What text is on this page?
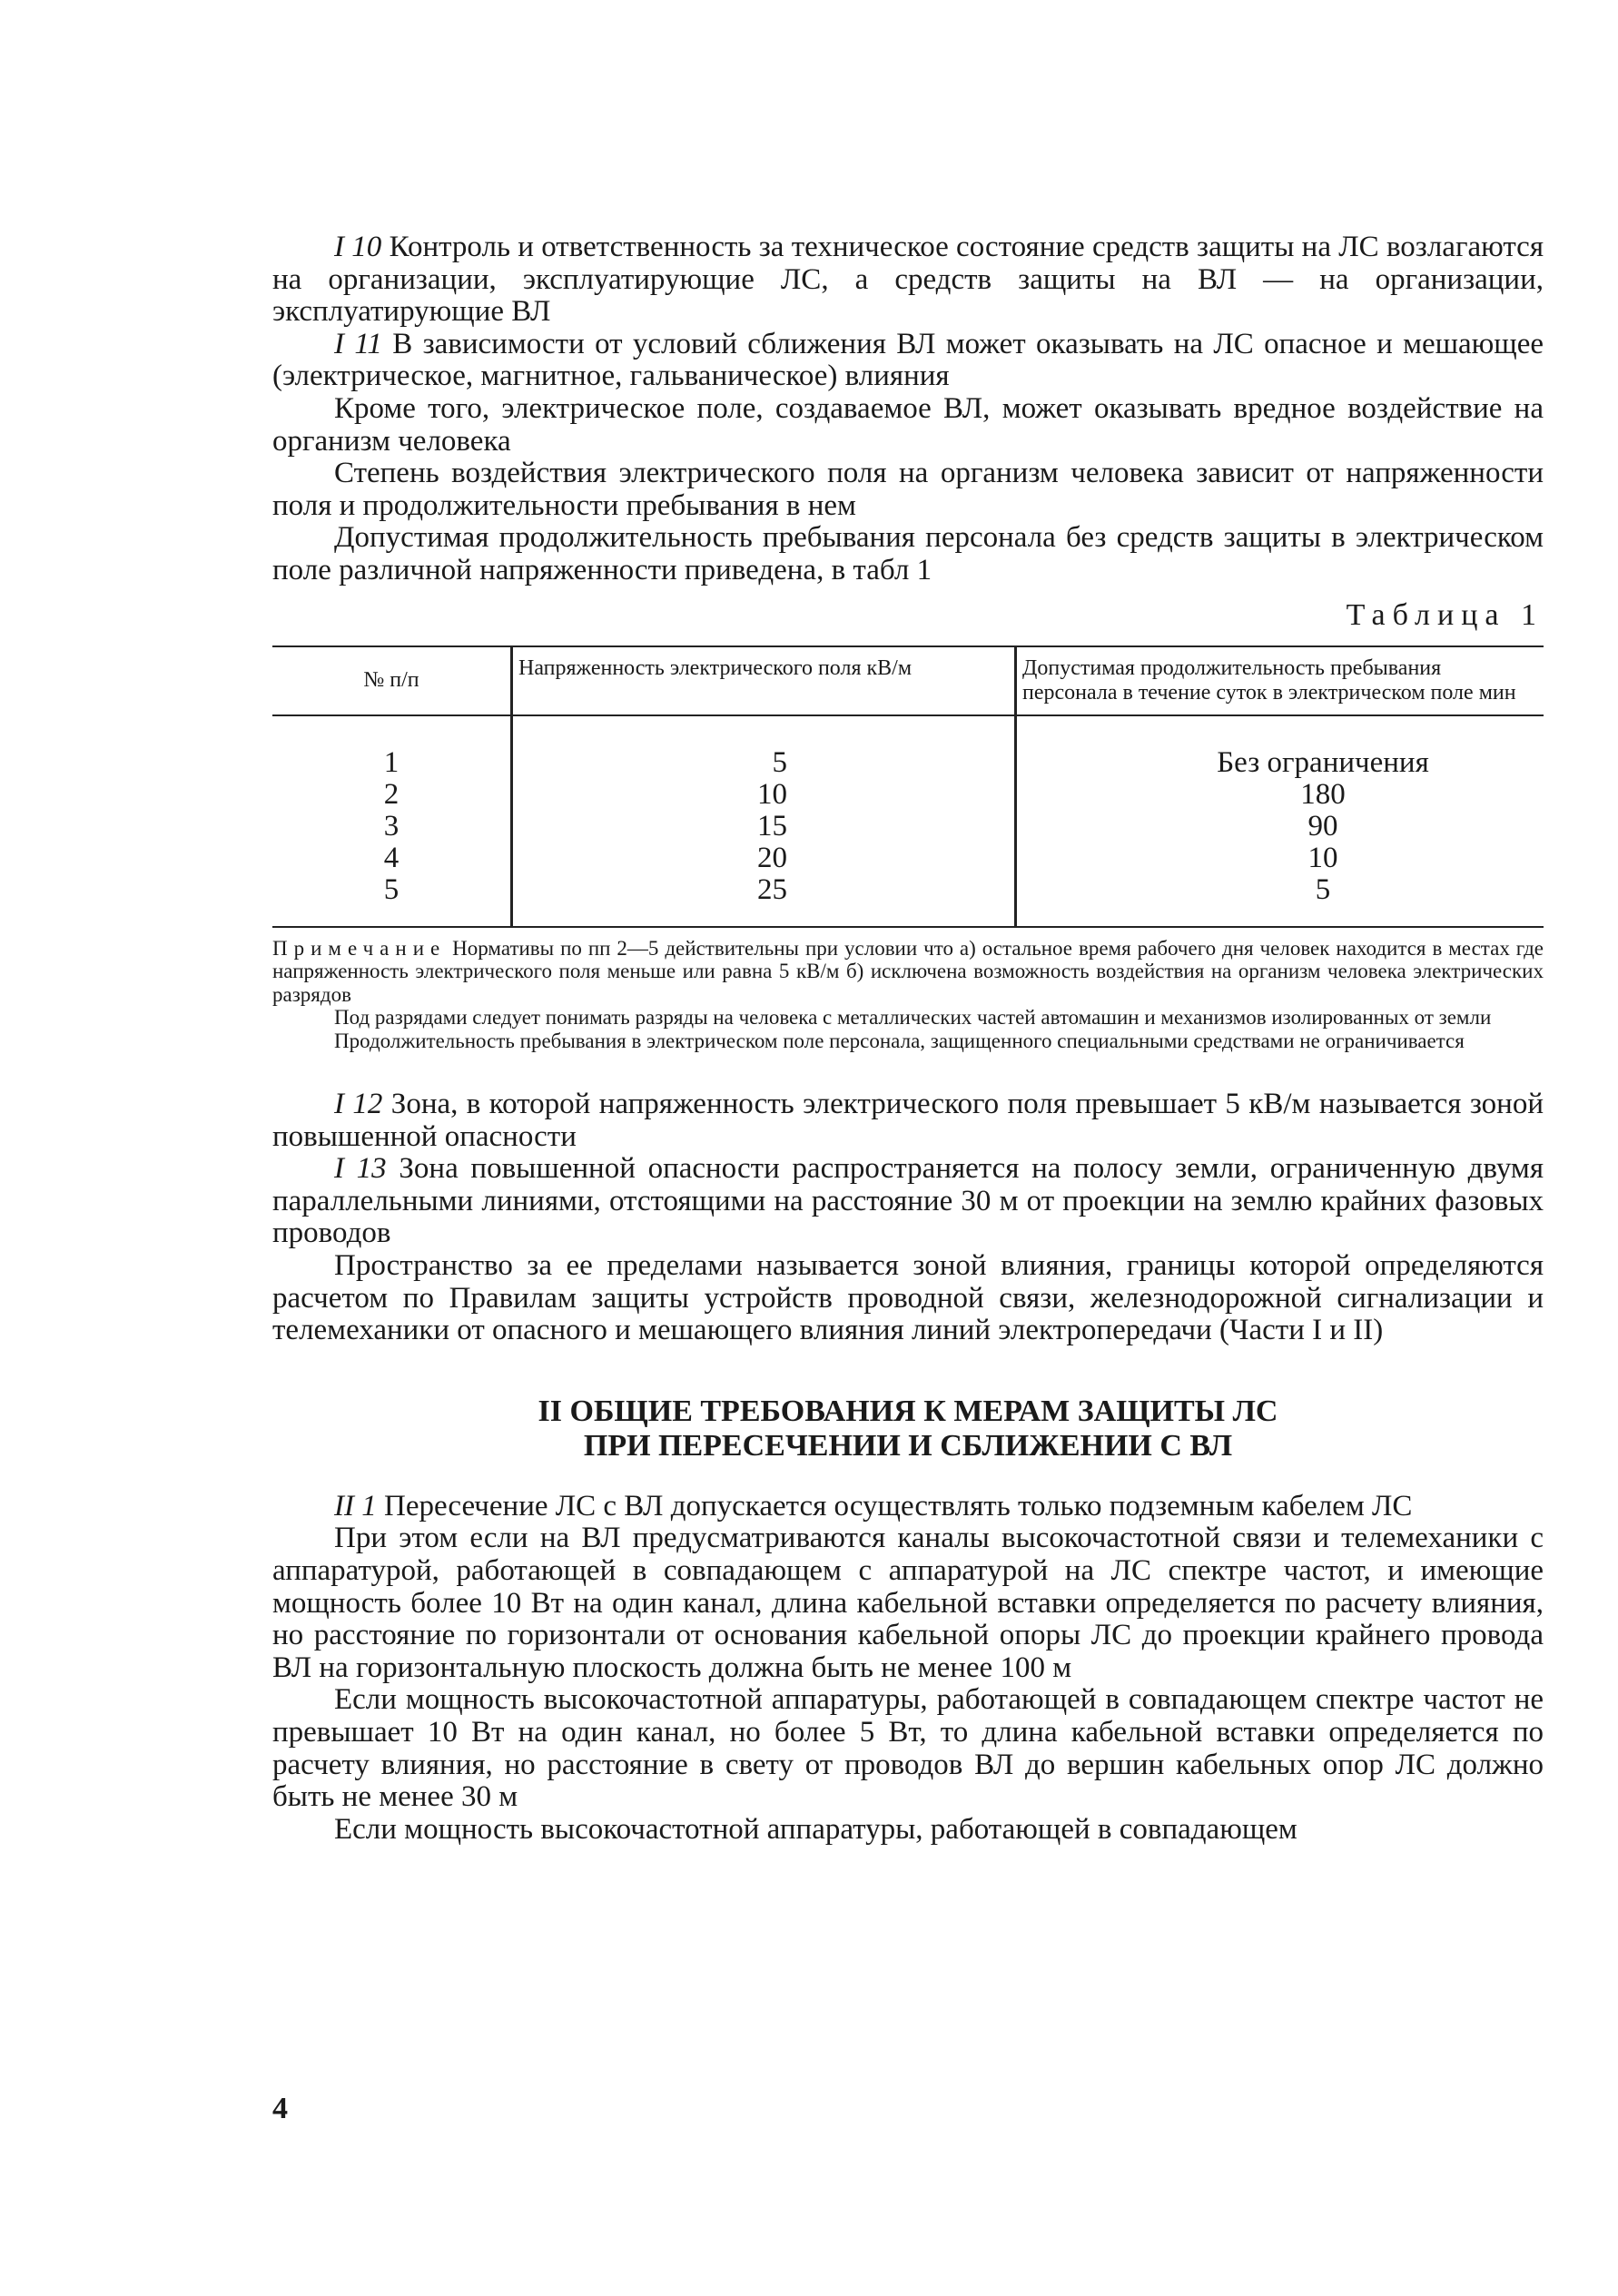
I 10 Контроль и ответственность за техническое состояние средств защиты на ЛС возлагаются на организации, эксплуатирующие ЛС, а средств защиты на ВЛ — на организации, эксплуатирующие ВЛ

I 11 В зависимости от условий сближения ВЛ может оказывать на ЛС опасное и мешающее (электрическое, магнитное, гальваническое) влияния

Кроме того, электрическое поле, создаваемое ВЛ, может оказывать вредное воздействие на организм человека

Степень воздействия электрического поля на организм человека зависит от напряженности поля и продолжительности пребывания в нем

Допустимая продолжительность пребывания персонала без средств защиты в электрическом поле различной напряженности приведена, в табл 1

Таблица 1
№ п/п	Напряженность электрического поля кВ/м	Допустимая продолжительность пребывания персонала в течение суток в электрическом поле мин
1	5	Без ограничения
2	10	180
3	15	90
4	20	10
5	25	5

Примечание Нормативы по пп 2—5 действительны при условии что а) остальное время рабочего дня человек находится в местах где напряженность электрического поля меньше или равна 5 кВ/м б) исключена возможность воздействия на организм человека электрических разрядов

Под разрядами следует понимать разряды на человека с металлических частей автомашин и механизмов изолированных от земли

Продолжительность пребывания в электрическом поле персонала, защищенного специальными средствами не ограничивается

I 12 Зона, в которой напряженность электрического поля превышает 5 кВ/м называется зоной повышенной опасности

I 13 Зона повышенной опасности распространяется на полосу земли, ограниченную двумя параллельными линиями, отстоящими на расстояние 30 м от проекции на землю крайних фазовых проводов

Пространство за ее пределами называется зоной влияния, границы которой определяются расчетом по Правилам защиты устройств проводной связи, железнодорожной сигнализации и телемеханики от опасного и мешающего влияния линий электропередачи (Части I и II)

II ОБЩИЕ ТРЕБОВАНИЯ К МЕРАМ ЗАЩИТЫ ЛС
ПРИ ПЕРЕСЕЧЕНИИ И СБЛИЖЕНИИ С ВЛ

II 1 Пересечение ЛС с ВЛ допускается осуществлять только подземным кабелем ЛС

При этом если на ВЛ предусматриваются каналы высокочастотной связи и телемеханики с аппаратурой, работающей в совпадающем с аппаратурой на ЛС спектре частот, и имеющие мощность более 10 Вт на один канал, длина кабельной вставки определяется по расчету влияния, но расстояние по горизонтали от основания кабельной опоры ЛС до проекции крайнего провода ВЛ на горизонтальную плоскость должна быть не менее 100 м

Если мощность высокочастотной аппаратуры, работающей в совпадающем спектре частот не превышает 10 Вт на один канал, но более 5 Вт, то длина кабельной вставки определяется по расчету влияния, но расстояние в свету от проводов ВЛ до вершин кабельных опор ЛС должно быть не менее 30 м

Если мощность высокочастотной аппаратуры, работающей в совпадающем

4
